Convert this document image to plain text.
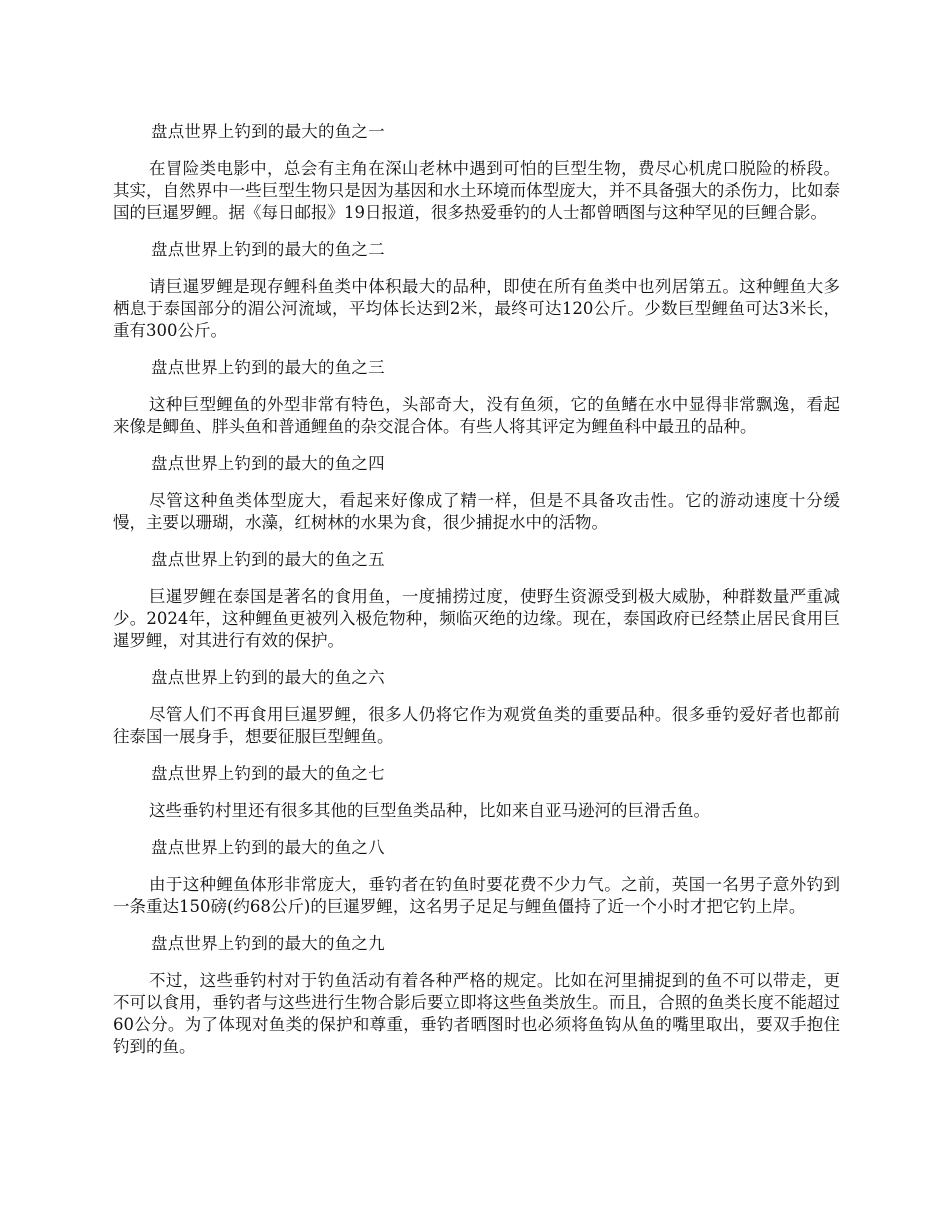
盘点世界上钓到的最大的鱼之一
在冒险类电影中，总会有主角在深山老林中遇到可怕的巨型生物，费尽心机虎口脱险的桥段。其实，自然界中一些巨型生物只是因为基因和水土环境而体型庞大，并不具备强大的杀伤力，比如泰国的巨暹罗鲤。据《每日邮报》19日报道，很多热爱垂钓的人士都曾晒图与这种罕见的巨鲤合影。
盘点世界上钓到的最大的鱼之二
请巨暹罗鲤是现存鲤科鱼类中体积最大的品种，即使在所有鱼类中也列居第五。这种鲤鱼大多栖息于泰国部分的湄公河流域，平均体长达到2米，最终可达120公斤。少数巨型鲤鱼可达3米长，重有300公斤。
盘点世界上钓到的最大的鱼之三
这种巨型鲤鱼的外型非常有特色，头部奇大，没有鱼须，它的鱼鳍在水中显得非常飘逸，看起来像是鲫鱼、胖头鱼和普通鲤鱼的杂交混合体。有些人将其评定为鲤鱼科中最丑的品种。
盘点世界上钓到的最大的鱼之四
尽管这种鱼类体型庞大，看起来好像成了精一样，但是不具备攻击性。它的游动速度十分缓慢，主要以珊瑚，水藻，红树林的水果为食，很少捕捉水中的活物。
盘点世界上钓到的最大的鱼之五
巨暹罗鲤在泰国是著名的食用鱼，一度捕捞过度，使野生资源受到极大威胁，种群数量严重减少。2024年，这种鲤鱼更被列入极危物种，频临灭绝的边缘。现在，泰国政府已经禁止居民食用巨暹罗鲤，对其进行有效的保护。
盘点世界上钓到的最大的鱼之六
尽管人们不再食用巨暹罗鲤，很多人仍将它作为观赏鱼类的重要品种。很多垂钓爱好者也都前往泰国一展身手，想要征服巨型鲤鱼。
盘点世界上钓到的最大的鱼之七
这些垂钓村里还有很多其他的巨型鱼类品种，比如来自亚马逊河的巨滑舌鱼。
盘点世界上钓到的最大的鱼之八
由于这种鲤鱼体形非常庞大，垂钓者在钓鱼时要花费不少力气。之前，英国一名男子意外钓到一条重达150磅(约68公斤)的巨暹罗鲤，这名男子足足与鲤鱼僵持了近一个小时才把它钓上岸。
盘点世界上钓到的最大的鱼之九
不过，这些垂钓村对于钓鱼活动有着各种严格的规定。比如在河里捕捉到的鱼不可以带走，更不可以食用，垂钓者与这些进行生物合影后要立即将这些鱼类放生。而且，合照的鱼类长度不能超过60公分。为了体现对鱼类的保护和尊重，垂钓者晒图时也必须将鱼钩从鱼的嘴里取出，要双手抱住钓到的鱼。
